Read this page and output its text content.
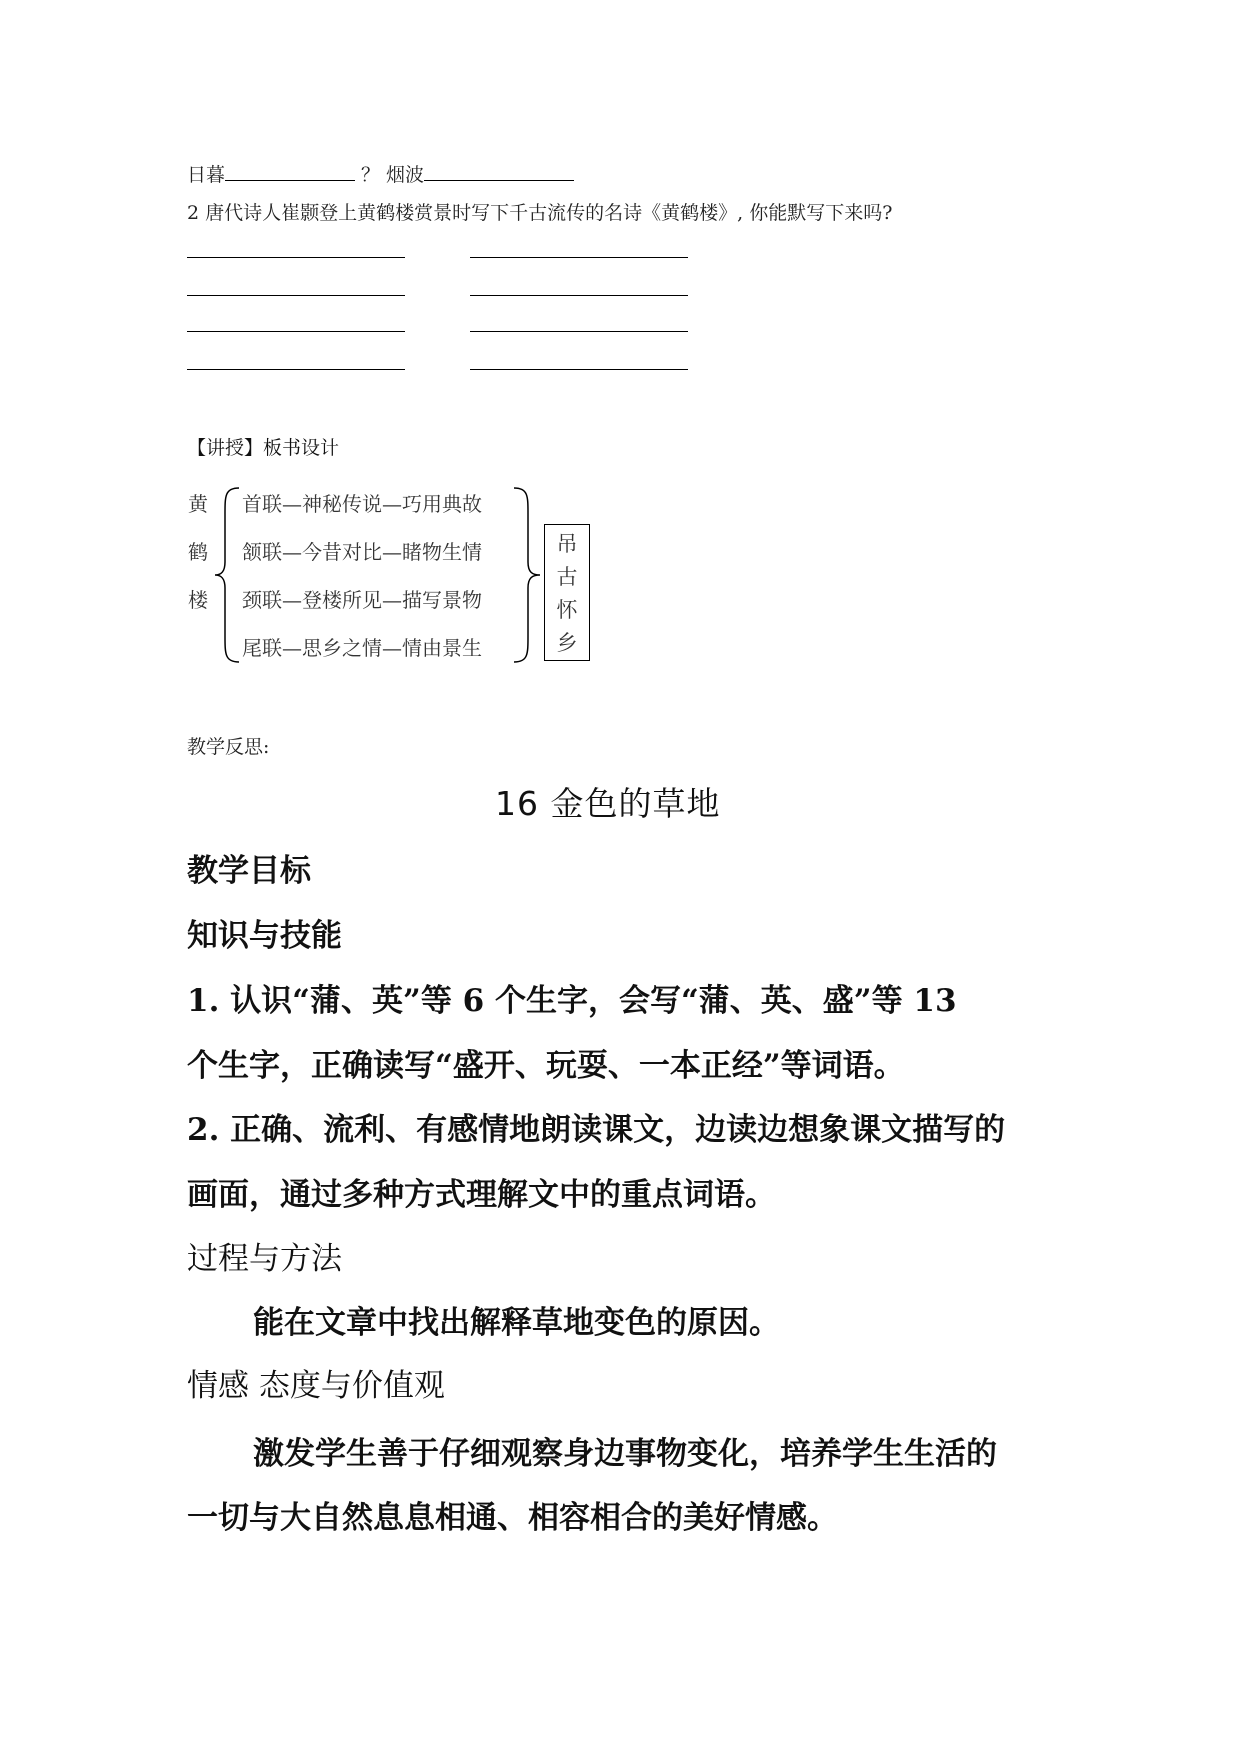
日暮	？ 烟波
2 唐代诗人崔颢登上黄鹤楼赏景时写下千古流传的名诗《黄鹤楼》, 你能默写下来吗?
【讲授】板书设计
黄
鹤
楼
首联—神秘传说—巧用典故
颔联—今昔对比—睹物生情
颈联—登楼所见—描写景物
尾联—思乡之情—情由景生
吊
古
怀
乡
教学反思:
16 金色的草地
教学目标
知识与技能
1. 认识“蒲、英”等 6 个生字，会写“蒲、英、盛”等 13
个生字，正确读写“盛开、玩耍、一本正经”等词语。
2. 正确、流利、有感情地朗读课文，边读边想象课文描写的
画面，通过多种方式理解文中的重点词语。
过程与方法
能在文章中找出解释草地变色的原因。
情感 态度与价值观
激发学生善于仔细观察身边事物变化，培养学生生活的
一切与大自然息息相通、相容相合的美好情感。
